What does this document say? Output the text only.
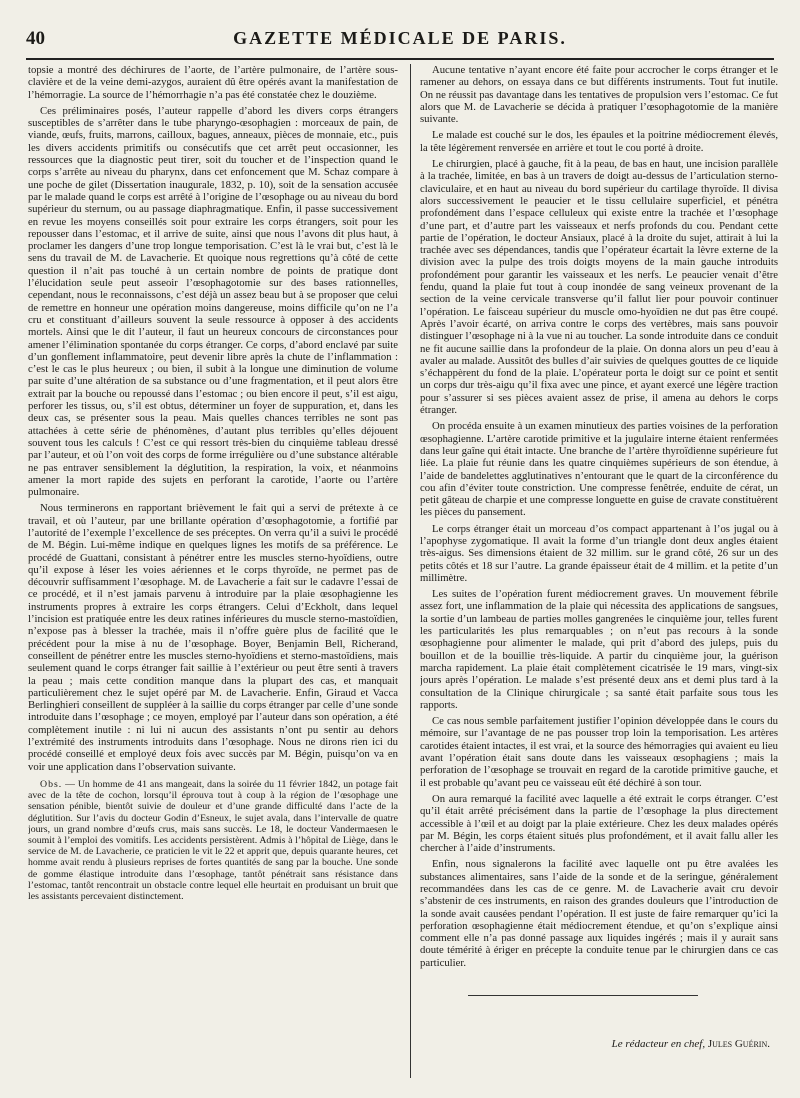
40	GAZETTE MÉDICALE DE PARIS.

topsie a montré des déchirures de l’aorte, de l’artère pulmonaire, de l’artère sous-clavière et de la veine demi-azygos, auraient dû être opérés avant la manifestation de l’hémorragie. La source de l’hémorrhagie n’a pas été constatée chez le douzième.

Ces préliminaires posés, l’auteur rappelle d’abord les divers corps étrangers susceptibles de s’arrêter dans le tube pharyngo-œsophagien : morceaux de pain, de viande, œufs, fruits, marrons, cailloux, bagues, anneaux, pièces de monnaie, etc., puis les divers accidents primitifs ou consécutifs que cet arrêt peut occasionner, les ressources que la diagnostic peut tirer, soit du toucher et de l’inspection quand le corps s’arrête au niveau du pharynx, dans cet enfoncement que M. Schaz compare à une poche de gilet (Dissertation inaugurale, 1832, p. 10), soit de la sensation accusée par le malade quand le corps est arrêté à l’origine de l’œsophage ou au niveau du bord supérieur du sternum, ou au passage diaphragmatique. Enfin, il passe successivement en revue les moyens conseillés soit pour extraire les corps étrangers, soit pour les repousser dans l’estomac, et il arrive de suite, ainsi que nous l’avons dit plus haut, à proclamer les dangers d’une trop longue temporisation. C’est là le vrai but, c’est là le sens du travail de M. de Lavacherie. Et quoique nous regrettions qu’à côté de cette question il n’ait pas touché à un certain nombre de points de pratique dont l’élucidation seule peut asseoir l’œsophagotomie sur des bases rationnelles, cependant, nous le reconnaissons, c’est déjà un assez beau but à se proposer que celui de remettre en honneur une opération moins dangereuse, moins difficile qu’on ne l’a cru et constituant d’ailleurs souvent la seule ressource à opposer à des accidents mortels. Ainsi que le dit l’auteur, il faut un heureux concours de circonstances pour amener l’élimination spontanée du corps étranger. Ce corps, d’abord enclavé par suite d’un gonflement inflammatoire, peut devenir libre après la chute de l’inflammation : c’est le cas le plus heureux ; ou bien, il subit à la longue une diminution de volume par suite d’une altération de sa substance ou d’une fragmentation, et il peut alors être extrait par la bouche ou repoussé dans l’estomac ; ou bien encore il peut, s’il est aigu, perforer les tissus, ou, s’il est obtus, déterminer un foyer de suppuration, et, dans les deux cas, se présenter sous la peau. Mais quelles chances terribles ne sont pas attachées à cette série de phénomènes, d’autant plus terribles qu’elles déjouent souvent tous les calculs ! C’est ce qui ressort très-bien du cinquième tableau dressé par l’auteur, et où l’on voit des corps de forme irrégulière ou d’une substance altérable ne pas entraver sensiblement la déglutition, la respiration, la voix, et néanmoins amener la mort rapide des sujets en perforant la carotide, l’aorte ou l’artère pulmonaire.

Nous terminerons en rapportant brièvement le fait qui a servi de prétexte à ce travail, et où l’auteur, par une brillante opération d’œsophagotomie, a fortifié par l’autorité de l’exemple l’excellence de ses préceptes. On verra qu’il a suivi le procédé de M. Bégin. Lui-même indique en quelques lignes les motifs de sa préférence. Le procédé de Guattani, consistant à pénétrer entre les muscles sterno-hyoïdiens, outre qu’il expose à léser les voies aériennes et le corps thyroïde, ne permet pas de découvrir suffisamment l’œsophage. M. de Lavacherie a fait sur le cadavre l’essai de ce procédé, et il n’est jamais parvenu à introduire par la plaie œsophagienne les instruments propres à extraire les corps étrangers. Celui d’Eckholt, dans lequel l’incision est pratiquée entre les deux ratines inférieures du muscle sterno-mastoïdien, n’expose pas à blesser la trachée, mais il n’offre guère plus de facilité que le précédent pour la mise à nu de l’œsophage. Boyer, Benjamin Bell, Richerand, conseillent de pénétrer entre les muscles sterno-hyoïdiens et sterno-mastoïdiens, mais seulement quand le corps étranger fait saillie à l’extérieur ou peut être senti à travers la peau ; mais cette condition manque dans la plupart des cas, et manquait particulièrement chez le sujet opéré par M. de Lavacherie. Enfin, Giraud et Vacca Berlinghieri conseillent de suppléer à la saillie du corps étranger par celle d’une sonde introduite dans l’œsophage ; ce moyen, employé par l’auteur dans son opération, a été complètement inutile : ni lui ni aucun des assistants n’ont pu sentir au dehors l’extrémité des instruments introduits dans l’œsophage. Nous ne dirons rien ici du procédé conseillé et employé deux fois avec succès par M. Bégin, puisqu’on va en voir une application dans l’observation suivante.

Obs. — Un homme de 41 ans mangeait, dans la soirée du 11 février 1842, un potage fait avec de la tête de cochon, lorsqu’il éprouva tout à coup à la région de l’œsophage une sensation pénible, bientôt suivie de douleur et d’une grande difficulté dans l’acte de la déglutition. Sur l’avis du docteur Godin d’Esneux, le sujet avala, dans l’intervalle de quatre jours, un grand nombre d’œufs crus, mais sans succès. Le 18, le docteur Vandermaesen le soumit à l’emploi des vomitifs. Les accidents persistèrent. Admis à l’hôpital de Liège, dans le service de M. de Lavacherie, ce praticien le vit le 22 et apprit que, depuis quarante heures, cet homme avait rendu à plusieurs reprises de fortes quantités de sang par la bouche. Une sonde de gomme élastique introduite dans l’œsophage, tantôt pénétrait sans résistance dans l’estomac, tantôt rencontrait un obstacle contre lequel elle heurtait en produisant un bruit que les assistants percevaient distinctement.

Aucune tentative n’ayant encore été faite pour accrocher le corps étranger et le ramener au dehors, on essaya dans ce but différents instruments. Tout fut inutile. On ne réussit pas davantage dans les tentatives de propulsion vers l’estomac. Ce fut alors que M. de Lavacherie se décida à pratiquer l’œsophagotomie de la manière suivante.

Le malade est couché sur le dos, les épaules et la poitrine médiocrement élevés, la tête légèrement renversée en arrière et tout le cou porté à droite.

Le chirurgien, placé à gauche, fit à la peau, de bas en haut, une incision parallèle à la trachée, limitée, en bas à un travers de doigt au-dessus de l’articulation sterno-claviculaire, et en haut au niveau du bord supérieur du cartilage thyroïde. Il divisa alors successivement le peaucier et le tissu cellulaire superficiel, et pénétra profondément dans l’espace celluleux qui existe entre la trachée et l’œsophage d’une part, et d’autre part les vaisseaux et nerfs profonds du cou. Pendant cette partie de l’opération, le docteur Ansiaux, placé à la droite du sujet, attirait à lui la trachée avec ses dépendances, tandis que l’opérateur écartait la lèvre externe de la division avec la pulpe des trois doigts moyens de la main gauche introduits profondément pour garantir les vaisseaux et les nerfs. Le peaucier venait d’être fendu, quand la plaie fut tout à coup inondée de sang veineux provenant de la section de la veine cervicale transverse qu’il fallut lier pour pouvoir continuer l’opération. Le faisceau supérieur du muscle omo-hyoïdien ne dut pas être coupé. Après l’avoir écarté, on arriva contre le corps des vertèbres, mais sans pouvoir distinguer l’œsophage ni à la vue ni au toucher. La sonde introduite dans ce conduit ne fit aucune saillie dans la profondeur de la plaie. On donna alors un peu d’eau à avaler au malade. Aussitôt des bulles d’air suivies de quelques gouttes de ce liquide s’échappèrent du fond de la plaie. L’opérateur porta le doigt sur ce point et sentit un corps dur très-aigu qu’il fixa avec une pince, et ayant exercé une légère traction pour s’assurer si ses pièces avaient assez de prise, il amena au dehors le corps étranger.

On procéda ensuite à un examen minutieux des parties voisines de la perforation œsophagienne. L’artère carotide primitive et la jugulaire interne étaient renfermées dans leur gaîne qui était intacte. Une branche de l’artère thyroïdienne supérieure fut liée. La plaie fut réunie dans les quatre cinquièmes supérieurs de son étendue, à l’aide de bandelettes agglutinatives n’entourant que le quart de la circonférence du cou afin d’éviter toute constriction. Une compresse fenêtrée, enduite de cérat, un petit gâteau de charpie et une compresse longuette en guise de cravate constituèrent les pièces du pansement.

Le corps étranger était un morceau d’os compact appartenant à l’os jugal ou à l’apophyse zygomatique. Il avait la forme d’un triangle dont deux angles étaient très-aigus. Ses dimensions étaient de 32 millim. sur le grand côté, 26 sur un des petits côtés et 18 sur l’autre. La grande épaisseur était de 4 millim. et la petite d’un millimètre.

Les suites de l’opération furent médiocrement graves. Un mouvement fébrile assez fort, une inflammation de la plaie qui nécessita des applications de sangsues, la sortie d’un lambeau de parties molles gangrenées le cinquième jour, telles furent les particularités les plus remarquables ; on n’eut pas recours à la sonde œsophagienne pour alimenter le malade, qui prit d’abord des juleps, puis du bouillon et de la bouillie très-liquide. A partir du cinquième jour, la guérison marcha rapidement. La plaie était complètement cicatrisée le 19 mars, vingt-six jours après l’opération. Le malade s’est présenté deux ans et demi plus tard à la consultation de la Clinique chirurgicale ; sa santé était parfaite sous tous les rapports.

Ce cas nous semble parfaitement justifier l’opinion développée dans le cours du mémoire, sur l’avantage de ne pas pousser trop loin la temporisation. Les artères carotides étaient intactes, il est vrai, et la source des hémorragies qui avaient eu lieu avant l’opération était sans doute dans les vaisseaux œsophagiens ; mais la perforation de l’œsophage se trouvait en regard de la carotide primitive gauche, et il est probable qu’avant peu ce vaisseau eût été déchiré à son tour.

On aura remarqué la facilité avec laquelle a été extrait le corps étranger. C’est qu’il était arrêté précisément dans la partie de l’œsophage la plus directement accessible à l’œil et au doigt par la plaie extérieure. Chez les deux malades opérés par M. Bégin, les corps étaient situés plus profondément, et il avait fallu aller les chercher à l’aide d’instruments.

Enfin, nous signalerons la facilité avec laquelle ont pu être avalées les substances alimentaires, sans l’aide de la sonde et de la seringue, généralement recommandées dans les cas de ce genre. M. de Lavacherie avait cru devoir s’abstenir de ces instruments, en raison des grandes douleurs que l’introduction de la sonde avait causées pendant l’opération. Il est juste de faire remarquer qu’ici la perforation œsophagienne était médiocrement étendue, et qu’on s’explique ainsi comment elle n’a pas donné passage aux liquides ingérés ; mais il y aurait sans doute témérité à ériger en précepte la conduite tenue par le chirurgien dans ce cas particulier.

Le rédacteur en chef, Jules Guérin.
